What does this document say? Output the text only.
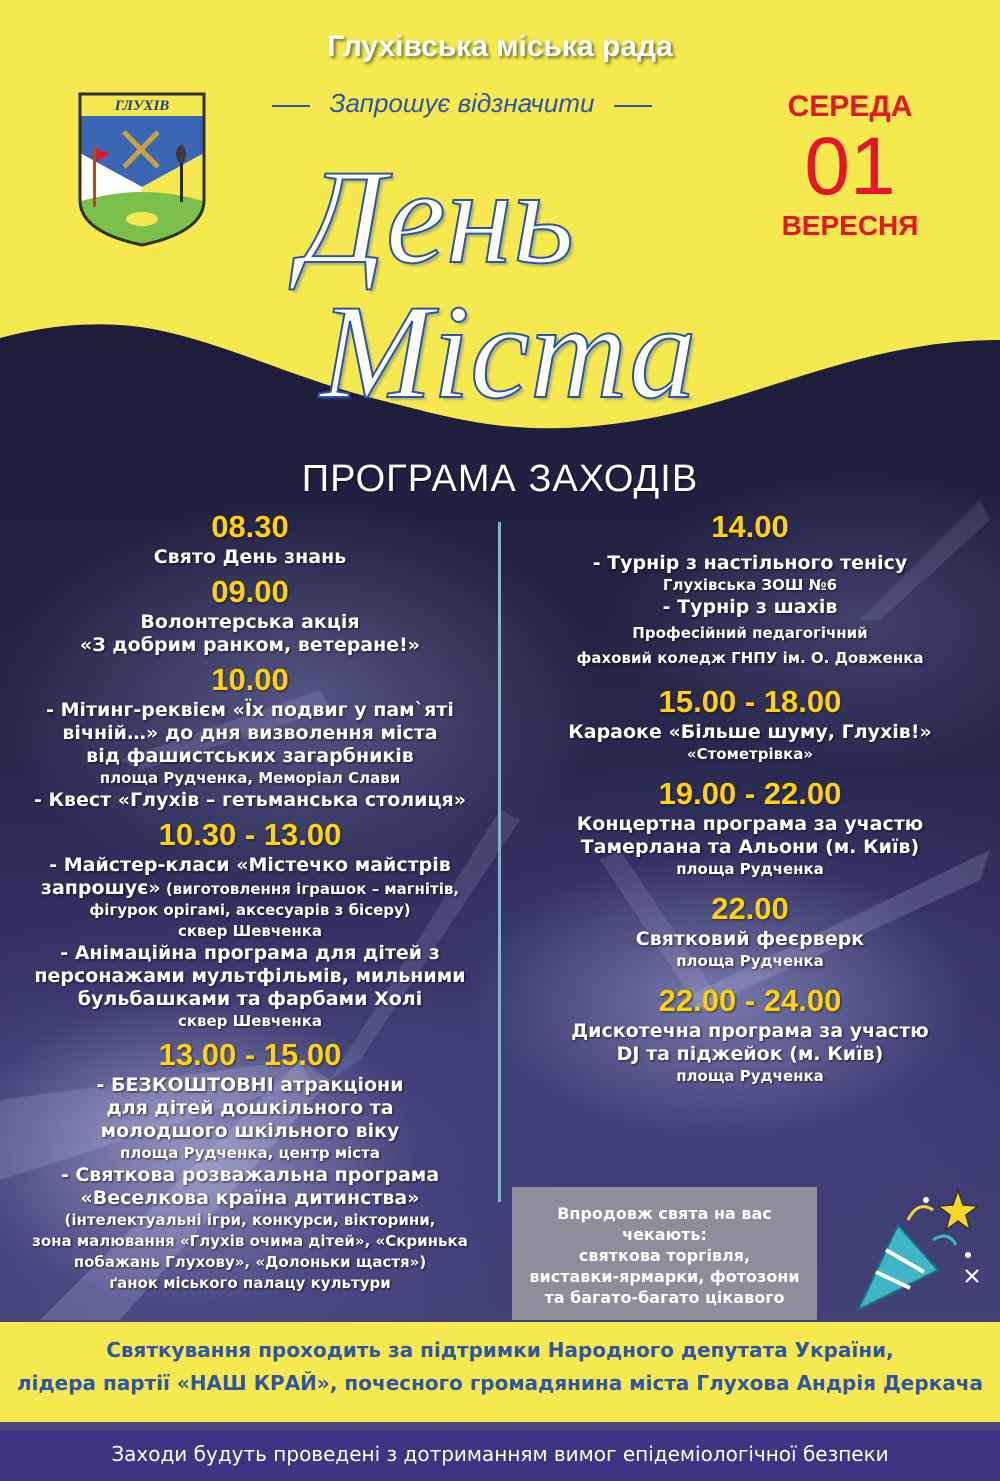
Глухівська міська рада
ГЛУХІВ	Запрошує відзначити
День
Міста
СЕРЕДА
01
ВЕРЕСНЯ
ПРОГРАМА ЗАХОДІВ
08.30
Свято День знань
09.00
Волонтерська акція
«З добрим ранком, ветеране!»
10.00
- Мітинг-реквієм «Їх подвиг у пам`яті
вічній…» до дня визволення міста
від фашистських загарбників
площа Рудченка, Меморіал Слави
- Квест «Глухів – гетьманська столиця»
10.30 - 13.00
- Майстер-класи «Містечко майстрів
запрошує» (виготовлення іграшок – магнітів,
фігурок орігамі, аксесуарів з бісеру)
сквер Шевченка
- Анімаційна програма для дітей з
персонажами мультфільмів, мильними
бульбашками та фарбами Холі
сквер Шевченка
13.00 - 15.00
- БЕЗКОШТОВНІ атракціони
для дітей дошкільного та
молодшого шкільного віку
площа Рудченка, центр міста
- Святкова розважальна програма
«Веселкова країна дитинства»
(інтелектуальні ігри, конкурси, вікторини,
зона малювання «Глухів очима дітей», «Скринька
побажань Глухову», «Долоньки щастя»)
ґанок міського палацу культури
14.00
- Турнір з настільного тенісу
Глухівська ЗОШ №6
- Турнір з шахів
Професійний педагогічний
фаховий коледж ГНПУ ім. О. Довженка
15.00 - 18.00
Караоке «Більше шуму, Глухів!»
«Стометрівка»
19.00 - 22.00
Концертна програма за участю
Тамерлана та Альони (м. Київ)
площа Рудченка
22.00
Святковий феєрверк
площа Рудченка
22.00 - 24.00
Дискотечна програма за участю
DJ та піджейок (м. Київ)
площа Рудченка
Впродовж свята на вас
чекають:
святкова торгівля,
виставки-ярмарки, фотозони
та багато-багато цікавого
Святкування проходить за підтримки Народного депутата України,
лідера партії «НАШ КРАЙ», почесного громадянина міста Глухова Андрія Деркача
Заходи будуть проведені з дотриманням вимог епідеміологічної безпеки
